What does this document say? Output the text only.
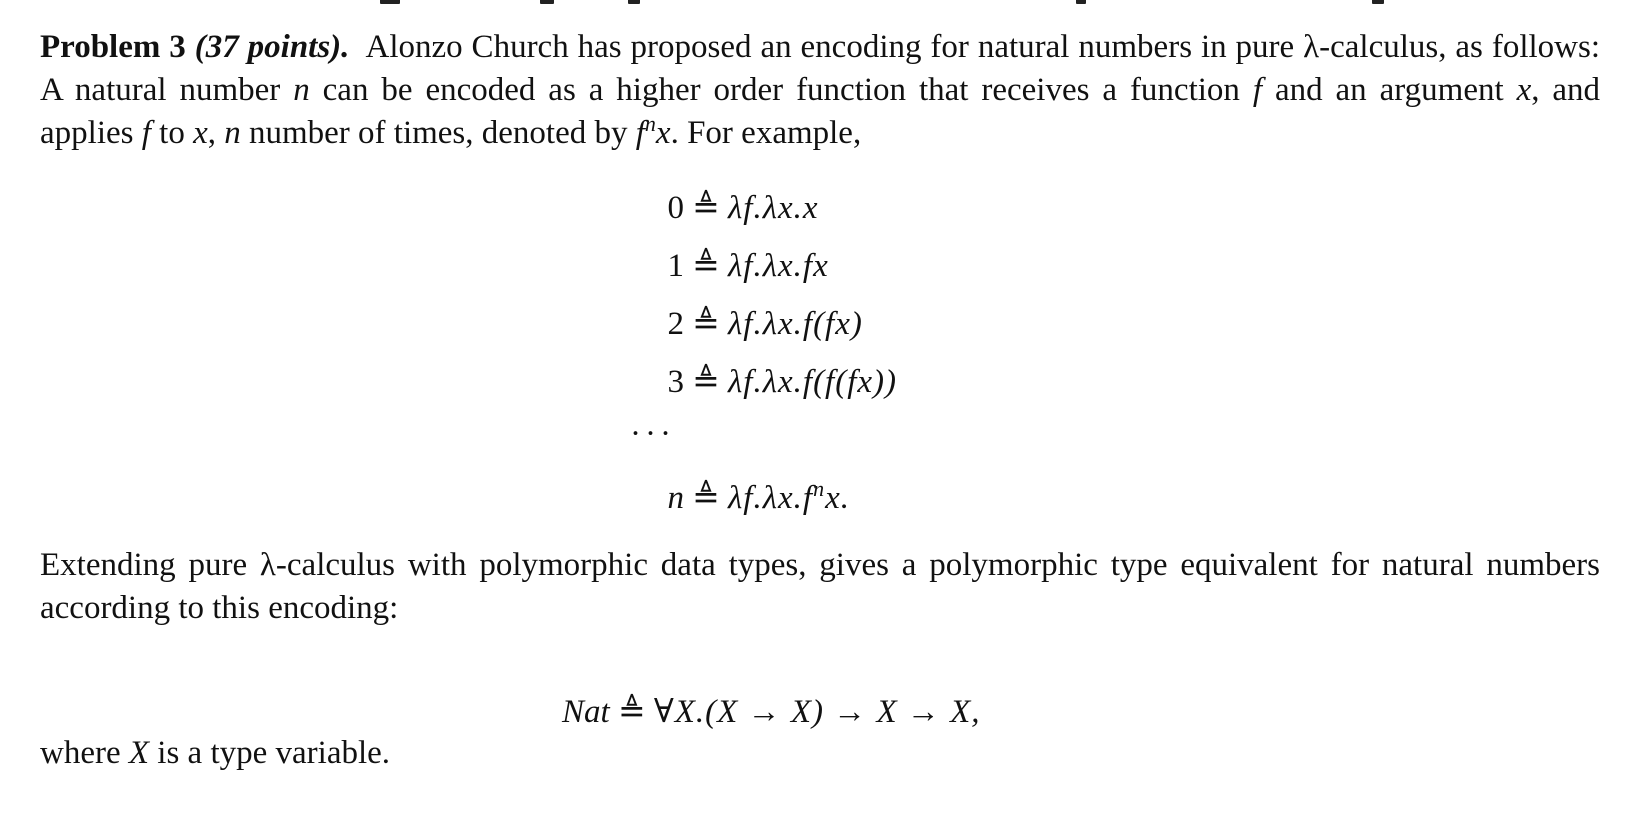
Problem 3 (37 points). Alonzo Church has proposed an encoding for natural numbers in pure λ-calculus, as follows: A natural number n can be encoded as a higher order function that receives a function f and an argument x, and applies f to x, n number of times, denoted by $f^nx$. For example,

0 ≜ λf.λx.x
1 ≜ λf.λx.fx
2 ≜ λf.λx.f(fx)
3 ≜ λf.λx.f(f(fx))
···
n ≜ $\lambda f.\lambda x.f^nx$.

Extending pure λ-calculus with polymorphic data types, gives a polymorphic type equivalent for natural numbers according to this encoding:

Nat ≜ ∀X.(X → X) → X → X,

where X is a type variable.
